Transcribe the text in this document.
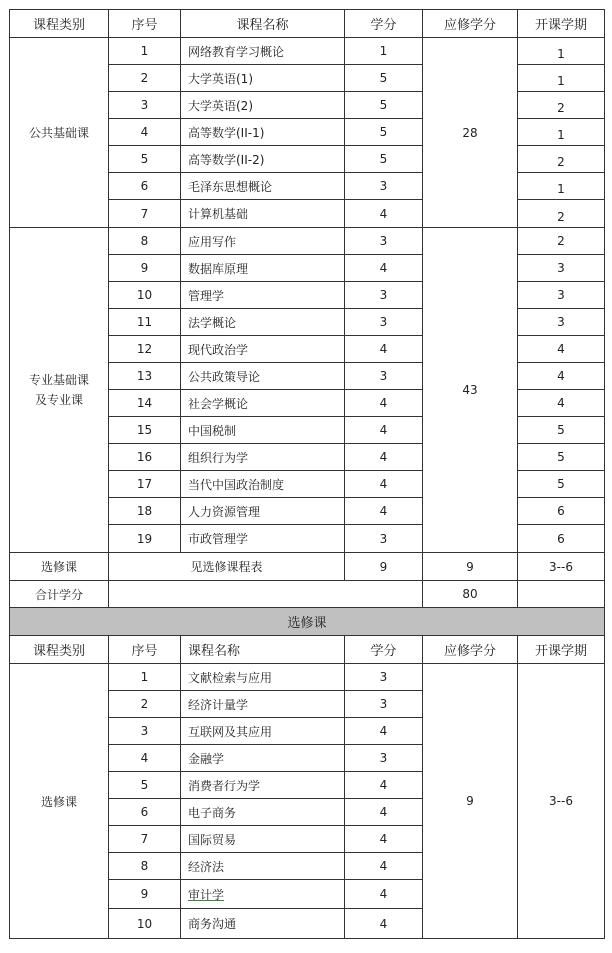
课程类别	序号	课程名称	学分	应修学分	开课学期
公共基础课	1	网络教育学习概论	1	28	1
	2	大学英语(1)	5		1
	3	大学英语(2)	5		2
	4	高等数学(II-1)	5		1
	5	高等数学(II-2)	5		2
	6	毛泽东思想概论	3		1
	7	计算机基础	4		2
专业基础课
及专业课	8	应用写作	3	43	2
	9	数据库原理	4		3
	10	管理学	3		3
	11	法学概论	3		3
	12	现代政治学	4		4
	13	公共政策导论	3		4
	14	社会学概论	4		4
	15	中国税制	4		5
	16	组织行为学	4		5
	17	当代中国政治制度	4		5
	18	人力资源管理	4		6
	19	市政管理学	3		6
选修课	见选修课程表		9	9	3--6
合计学分				80	
选修课					
课程类别	序号	课程名称	学分	应修学分	开课学期
选修课	1	文献检索与应用	3	9	3--6
	2	经济计量学	3		
	3	互联网及其应用	4		
	4	金融学	3		
	5	消费者行为学	4		
	6	电子商务	4		
	7	国际贸易	4		
	8	经济法	4		
	9	审计学	4		
	10	商务沟通	4		
